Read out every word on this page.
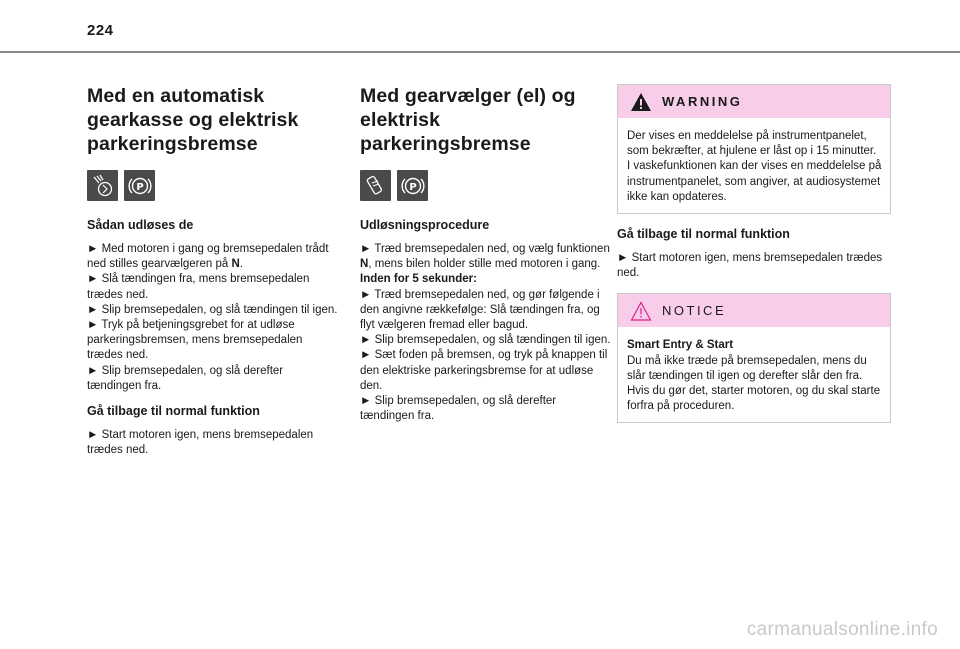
224
Med en automatisk gearkasse og elektrisk parkeringsbremse
P
Sådan udløses de

► Med motoren i gang og bremsepedalen trådt ned stilles gearvælgeren på N.

► Slå tændingen fra, mens bremsepedalen trædes ned.

► Slip bremsepedalen, og slå tændingen til igen.

► Tryk på betjeningsgrebet for at udløse parkeringsbremsen, mens bremsepedalen trædes ned.

► Slip bremsepedalen, og slå derefter tændingen fra.

Gå tilbage til normal funktion

► Start motoren igen, mens bremsepedalen trædes ned.

Med gearvælger (el) og elektrisk parkeringsbremse
P
Udløsningsprocedure

► Træd bremsepedalen ned, og vælg funktionen N, mens bilen holder stille med motoren i gang.

Inden for 5 sekunder:

► Træd bremsepedalen ned, og gør følgende i den angivne rækkefølge: Slå tændingen fra, og flyt vælgeren fremad eller bagud.

► Slip bremsepedalen, og slå tændingen til igen.

► Sæt foden på bremsen, og tryk på knappen til den elektriske parkeringsbremse for at udløse den.

► Slip bremsepedalen, og slå derefter tændingen fra.

WARNING

Der vises en meddelelse på instrumentpanelet, som bekræfter, at hjulene er låst op i 15 minutter.

I vaskefunktionen kan der vises en meddelelse på instrumentpanelet, som angiver, at audiosystemet ikke kan opdateres.

Gå tilbage til normal funktion

► Start motoren igen, mens bremsepedalen trædes ned.

NOTICE

Smart Entry & Start

Du må ikke træde på bremsepedalen, mens du slår tændingen til igen og derefter slår den fra. Hvis du gør det, starter motoren, og du skal starte forfra på proceduren.

carmanualsonline.info
